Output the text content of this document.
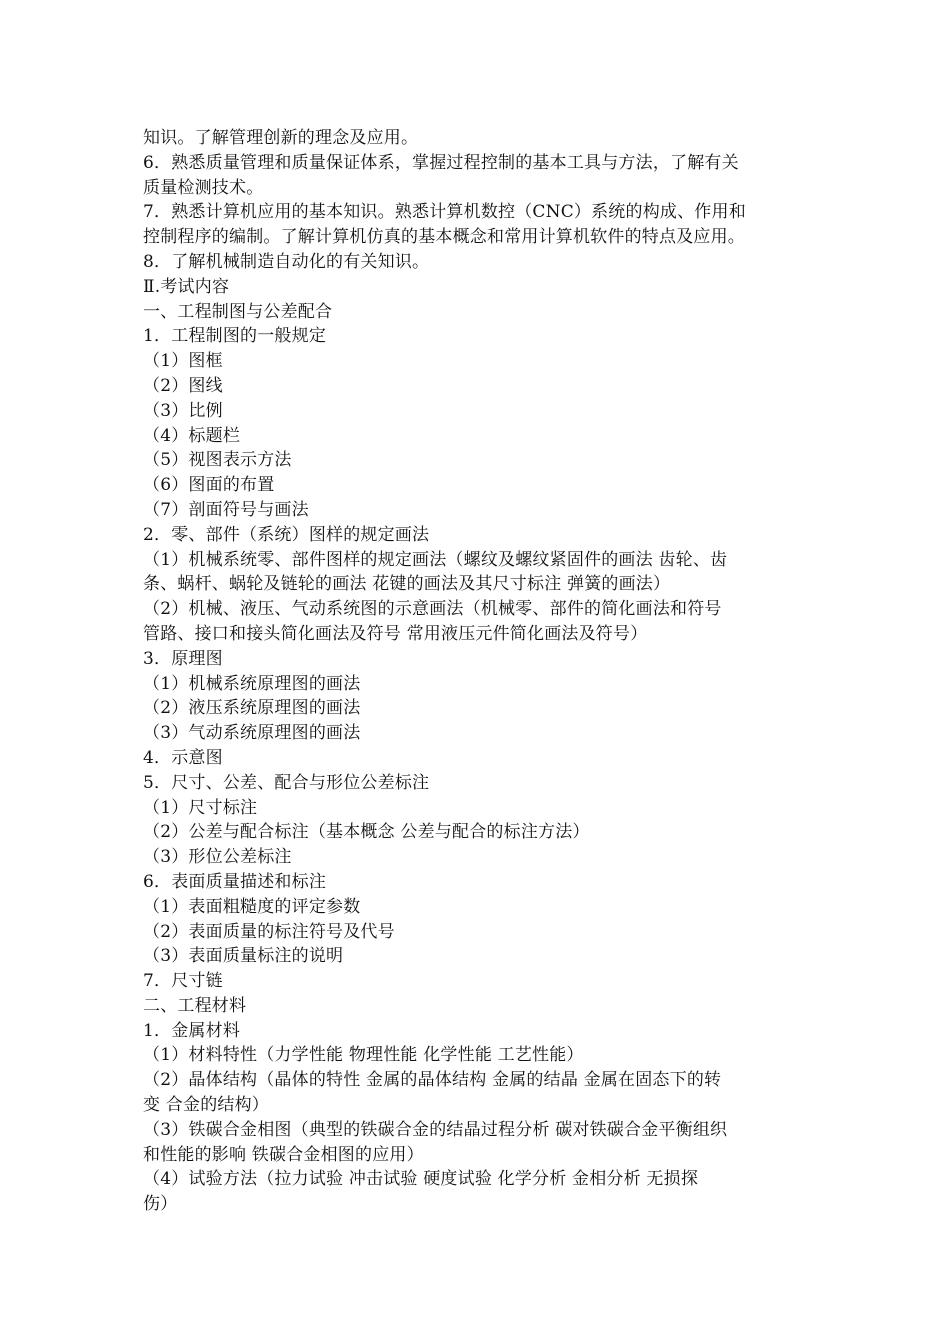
知识。了解管理创新的理念及应用。
6．熟悉质量管理和质量保证体系，掌握过程控制的基本工具与方法，了解有关
质量检测技术。
7．熟悉计算机应用的基本知识。熟悉计算机数控（CNC）系统的构成、作用和
控制程序的编制。了解计算机仿真的基本概念和常用计算机软件的特点及应用。
8．了解机械制造自动化的有关知识。
Ⅱ.考试内容
一、工程制图与公差配合
1．工程制图的一般规定
（1）图框
（2）图线
（3）比例
（4）标题栏
（5）视图表示方法
（6）图面的布置
（7）剖面符号与画法
2．零、部件（系统）图样的规定画法
（1）机械系统零、部件图样的规定画法（螺纹及螺纹紧固件的画法 齿轮、齿
条、蜗杆、蜗轮及链轮的画法 花键的画法及其尺寸标注 弹簧的画法）
（2）机械、液压、气动系统图的示意画法（机械零、部件的简化画法和符号
管路、接口和接头简化画法及符号 常用液压元件简化画法及符号）
3．原理图
（1）机械系统原理图的画法
（2）液压系统原理图的画法
（3）气动系统原理图的画法
4．示意图
5．尺寸、公差、配合与形位公差标注
（1）尺寸标注
（2）公差与配合标注（基本概念 公差与配合的标注方法）
（3）形位公差标注
6．表面质量描述和标注
（1）表面粗糙度的评定参数
（2）表面质量的标注符号及代号
（3）表面质量标注的说明
7．尺寸链
二、工程材料
1．金属材料
（1）材料特性（力学性能 物理性能 化学性能 工艺性能）
（2）晶体结构（晶体的特性 金属的晶体结构 金属的结晶 金属在固态下的转
变 合金的结构）
（3）铁碳合金相图（典型的铁碳合金的结晶过程分析 碳对铁碳合金平衡组织
和性能的影响 铁碳合金相图的应用）
（4）试验方法（拉力试验 冲击试验 硬度试验 化学分析 金相分析 无损探
伤）
